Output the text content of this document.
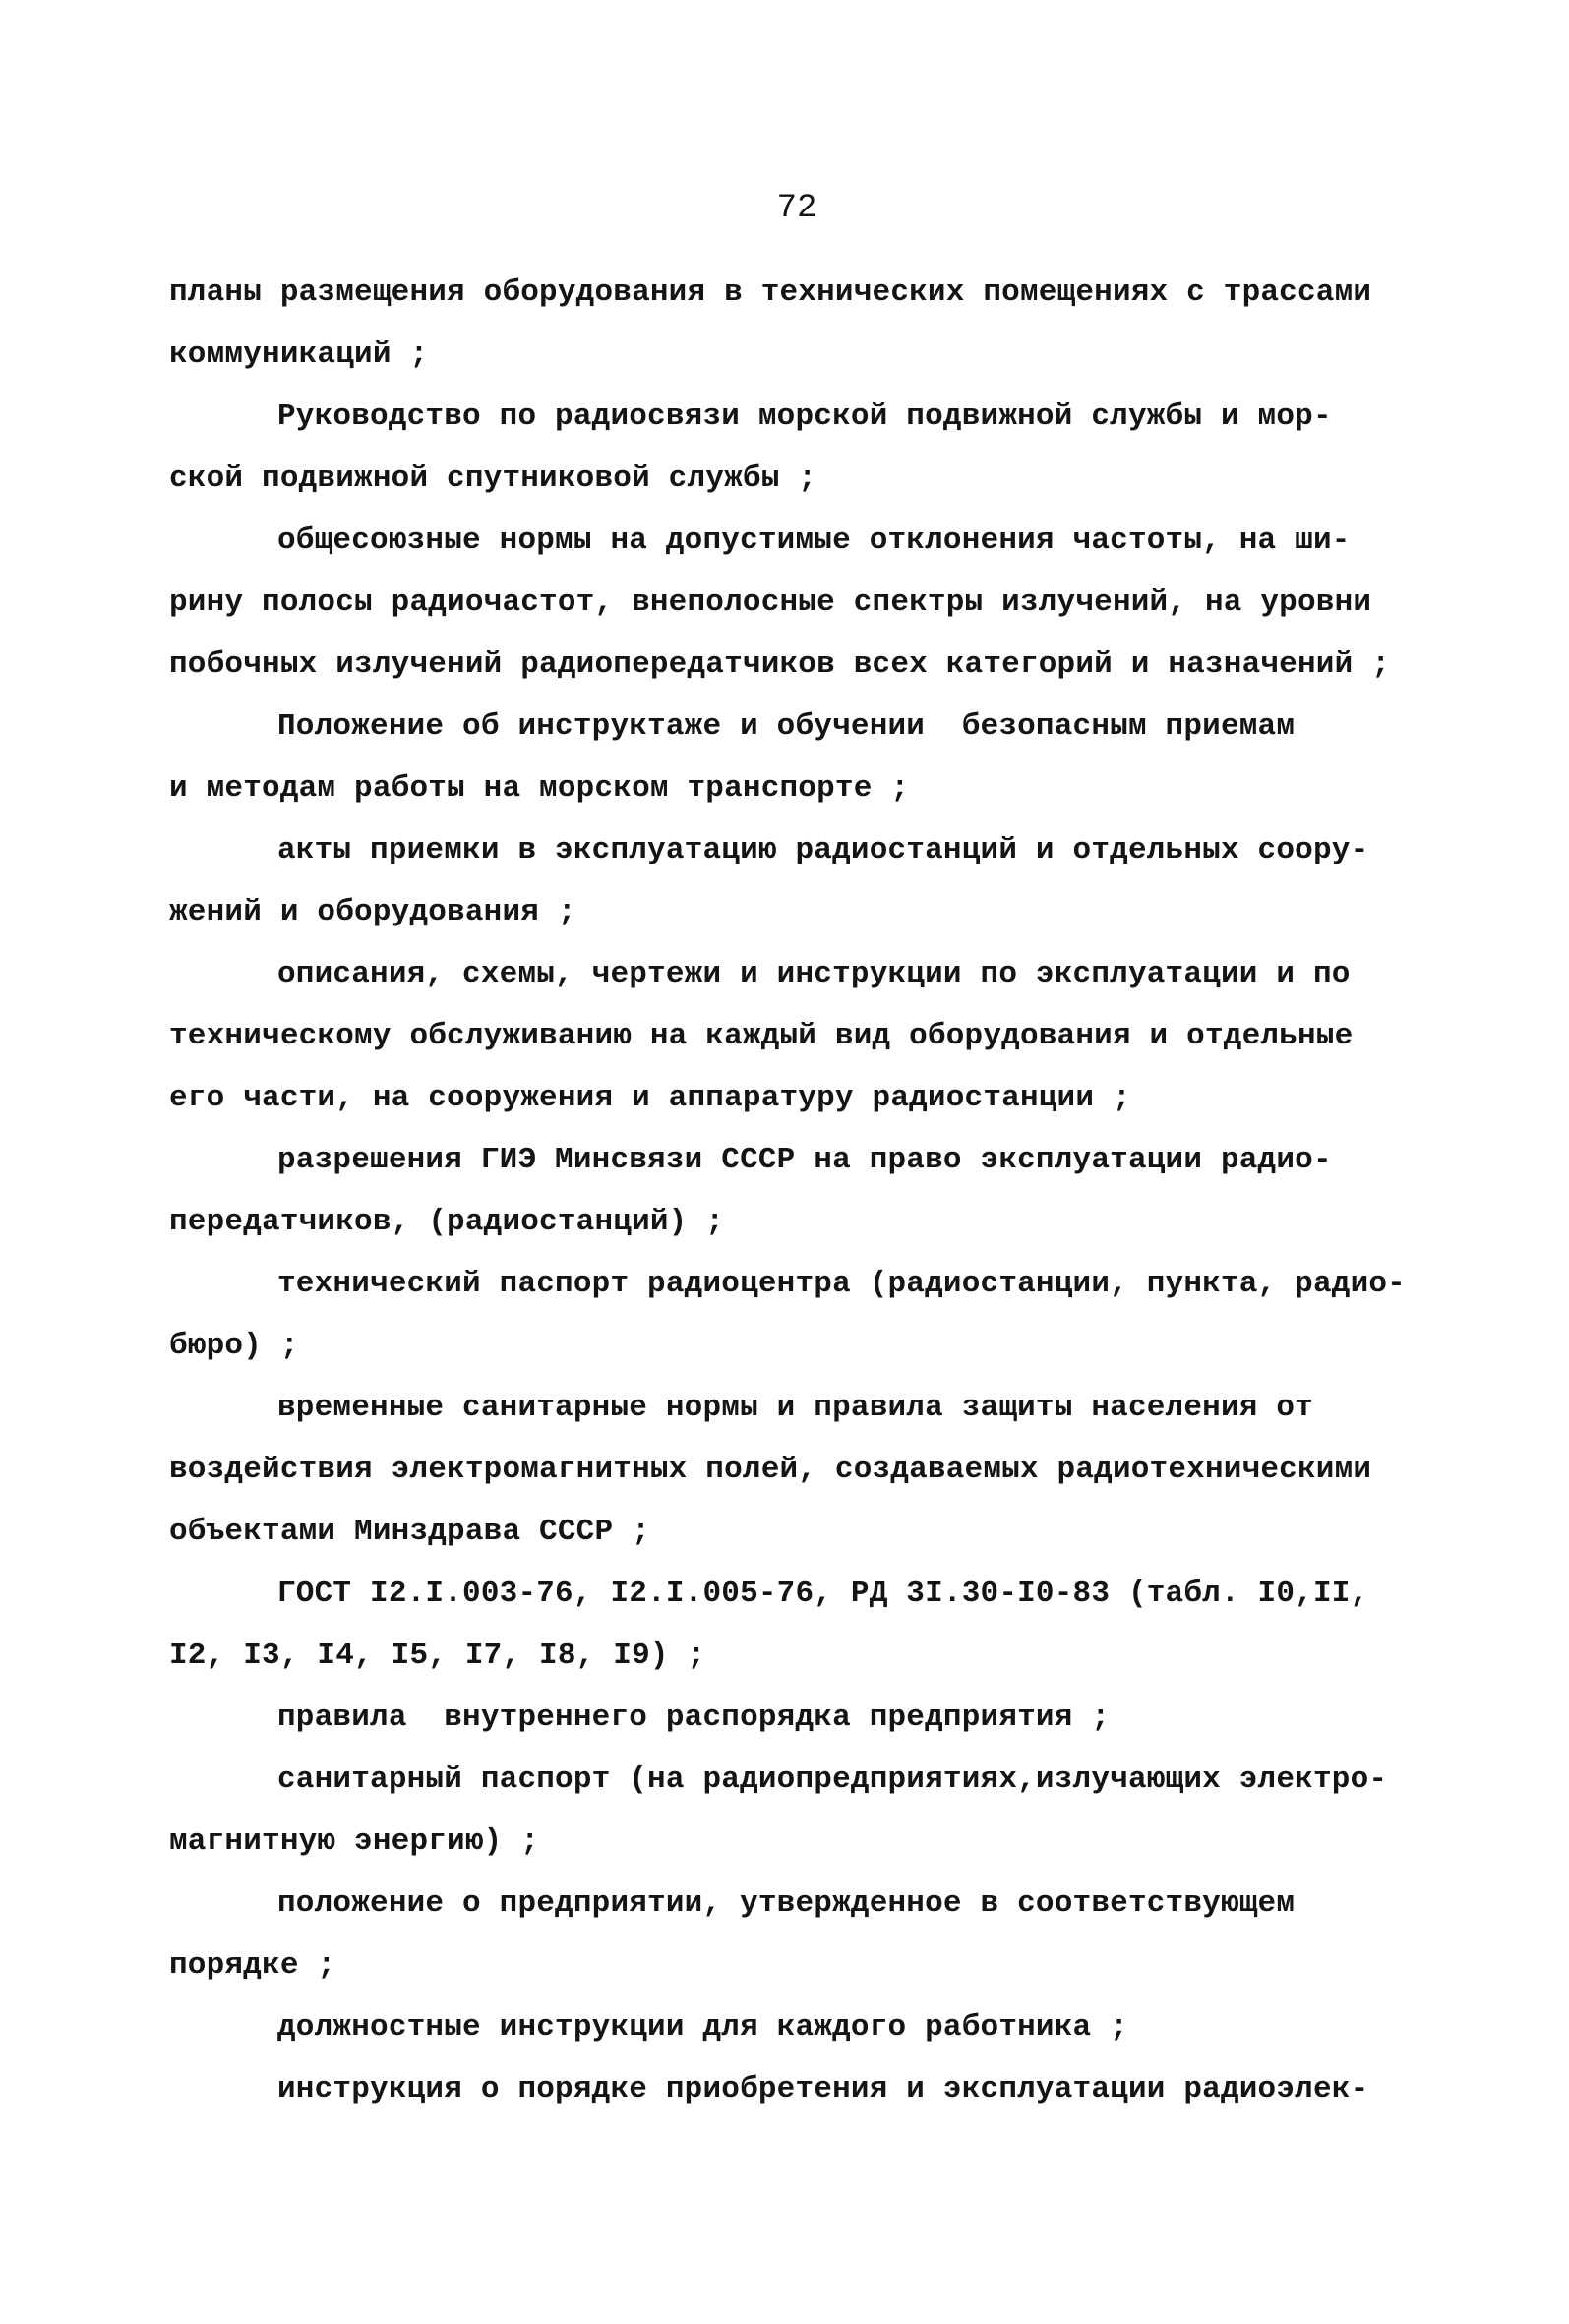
72

планы размещения оборудования в технических помещениях с трассами
коммуникаций ;

Руководство по радиосвязи морской подвижной службы и мор-
ской подвижной спутниковой службы ;

общесоюзные нормы на допустимые отклонения частоты, на ши-
рину полосы радиочастот, внеполосные спектры излучений, на уровни
побочных излучений радиопередатчиков всех категорий и назначений ;

Положение об инструктаже и обучении  безопасным приемам
и методам работы на морском транспорте ;

акты приемки в эксплуатацию радиостанций и отдельных соору-
жений и оборудования ;

описания, схемы, чертежи и инструкции по эксплуатации и по
техническому обслуживанию на каждый вид оборудования и отдельные
его части, на сооружения и аппаратуру радиостанции ;

разрешения ГИЭ Минсвязи СССР на право эксплуатации радио-
передатчиков, (радиостанций) ;

технический паспорт радиоцентра (радиостанции, пункта, радио-
бюро) ;

временные санитарные нормы и правила защиты населения от
воздействия электромагнитных полей, создаваемых радиотехническими
объектами Минздрава СССР ;

ГОСТ I2.I.003-76, I2.I.005-76, РД 3I.30-I0-83 (табл. I0,II,
I2, I3, I4, I5, I7, I8, I9) ;

правила  внутреннего распорядка предприятия ;

санитарный паспорт (на радиопредприятиях,излучающих электро-
магнитную энергию) ;

положение о предприятии, утвержденное в соответствующем
порядке ;

должностные инструкции для каждого работника ;

инструкция о порядке приобретения и эксплуатации радиоэлек-
